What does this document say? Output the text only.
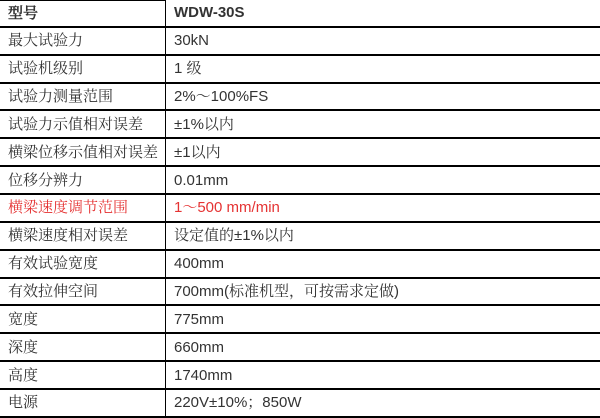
型号	WDW-30S
最大试验力	30kN
试验机级别	1 级
试验力测量范围	2%～100%FS
试验力示值相对误差	±1%以内
横梁位移示值相对误差	±1以内
位移分辨力	0.01mm
横梁速度调节范围	1～500 mm/min
横梁速度相对误差	设定值的±1%以内
有效试验宽度	400mm
有效拉伸空间	700mm(标准机型，可按需求定做)
宽度	775mm
深度	660mm
高度	1740mm
电源	220V±10%；850W
